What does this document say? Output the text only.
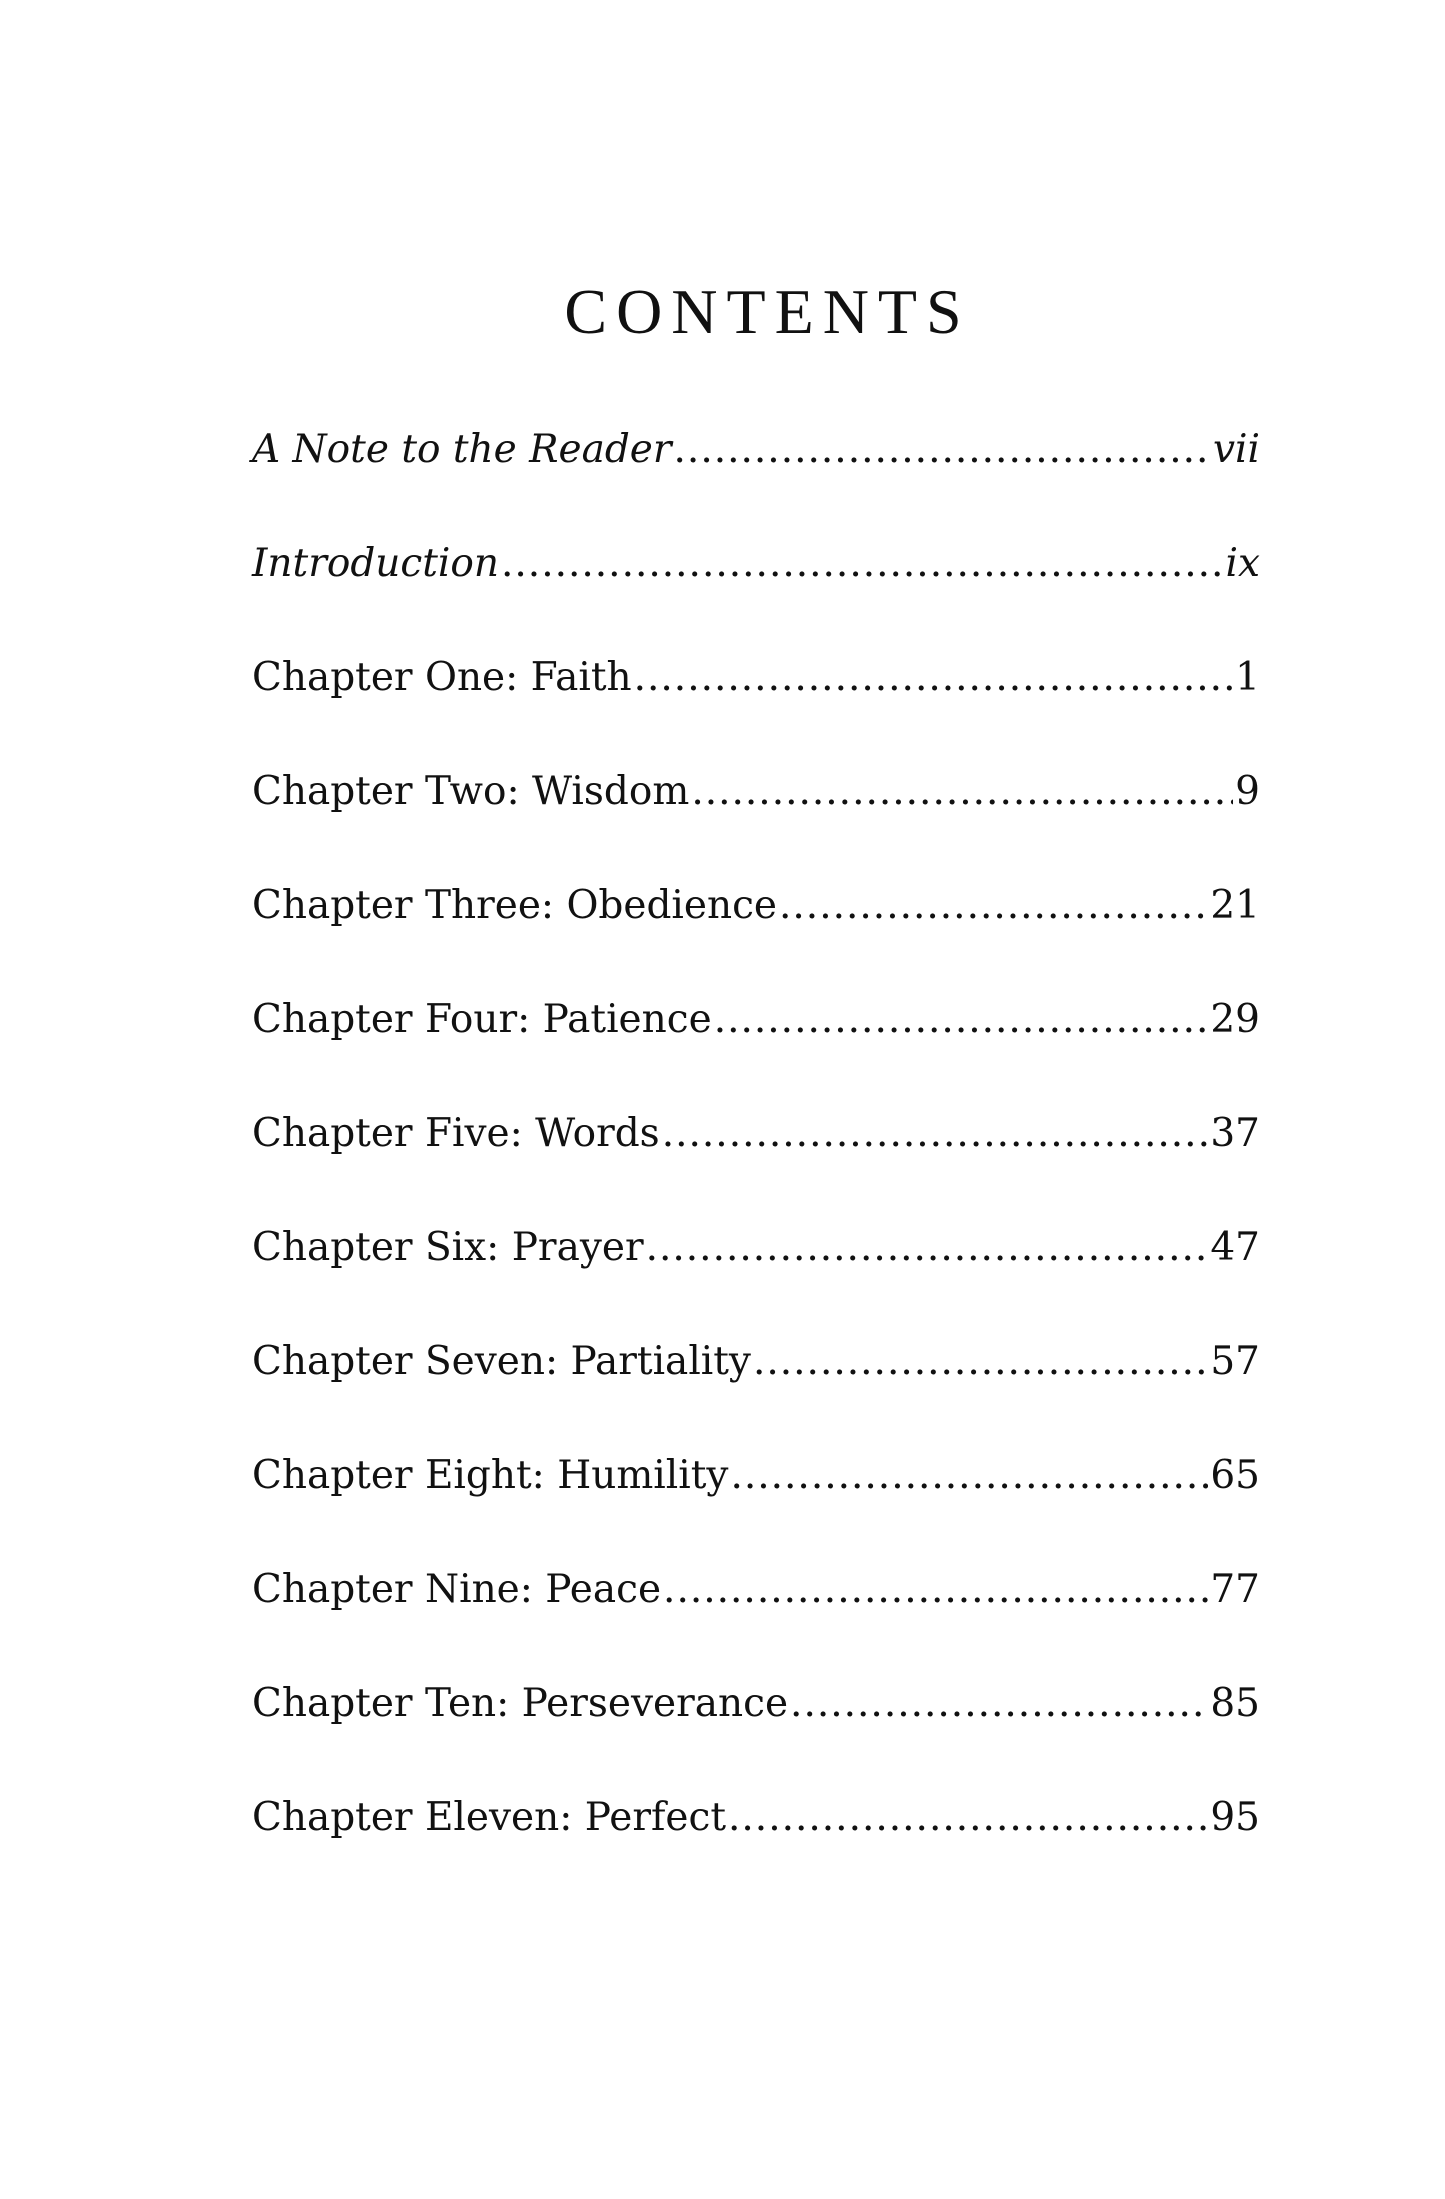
CONTENTS
A Note to the Reader .....	vii
Introduction .....	ix
Chapter One: Faith .....	1
Chapter Two: Wisdom .....	9
Chapter Three: Obedience .....	21
Chapter Four: Patience .....	29
Chapter Five: Words .....	37
Chapter Six: Prayer .....	47
Chapter Seven: Partiality .....	57
Chapter Eight: Humility .....	65
Chapter Nine: Peace .....	77
Chapter Ten: Perseverance .....	85
Chapter Eleven: Perfect .....	95
